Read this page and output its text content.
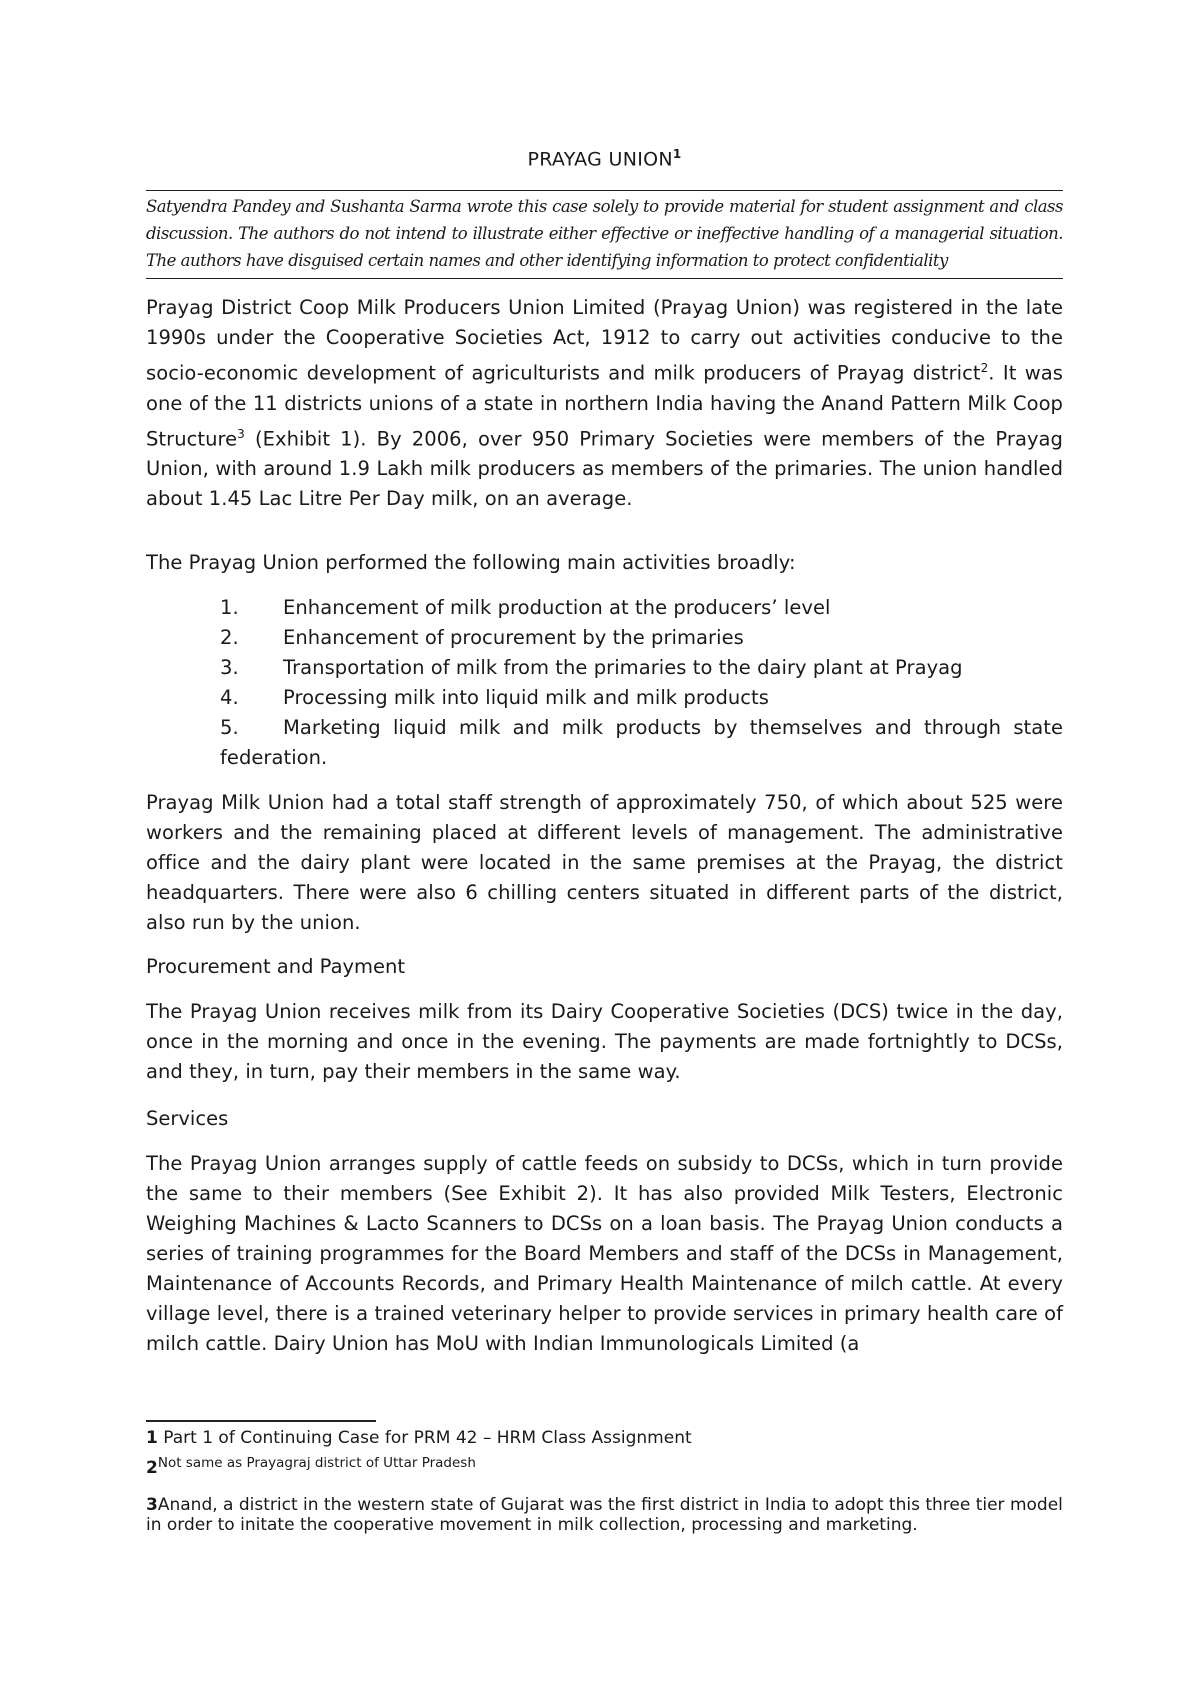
PRAYAG UNION$^1$
Satyendra Pandey and Sushanta Sarma wrote this case solely to provide material for student assignment and class discussion. The authors do not intend to illustrate either effective or ineffective handling of a managerial situation. The authors have disguised certain names and other identifying information to protect confidentiality

Prayag District Coop Milk Producers Union Limited (Prayag Union) was registered in the late 1990s under the Cooperative Societies Act, 1912 to carry out activities conducive to the socio-economic development of agriculturists and milk producers of Prayag district$^2$. It was one of the 11 districts unions of a state in northern India having the Anand Pattern Milk Coop Structure$^3$ (Exhibit 1). By 2006, over 950 Primary Societies were members of the Prayag Union, with around 1.9 Lakh milk producers as members of the primaries. The union handled about 1.45 Lac Litre Per Day milk, on an average.

The Prayag Union performed the following main activities broadly:

1. Enhancement of milk production at the producers’ level
2. Enhancement of procurement by the primaries
3. Transportation of milk from the primaries to the dairy plant at Prayag
4. Processing milk into liquid milk and milk products
5. Marketing liquid milk and milk products by themselves and through state federation.

Prayag Milk Union had a total staff strength of approximately 750, of which about 525 were workers and the remaining placed at different levels of management. The administrative office and the dairy plant were located in the same premises at the Prayag, the district headquarters. There were also 6 chilling centers situated in different parts of the district, also run by the union.

Procurement and Payment

The Prayag Union receives milk from its Dairy Cooperative Societies (DCS) twice in the day, once in the morning and once in the evening. The payments are made fortnightly to DCSs, and they, in turn, pay their members in the same way.

Services

The Prayag Union arranges supply of cattle feeds on subsidy to DCSs, which in turn provide the same to their members (See Exhibit 2). It has also provided Milk Testers, Electronic Weighing Machines & Lacto Scanners to DCSs on a loan basis. The Prayag Union conducts a series of training programmes for the Board Members and staff of the DCSs in Management, Maintenance of Accounts Records, and Primary Health Maintenance of milch cattle. At every village level, there is a trained veterinary helper to provide services in primary health care of milch cattle. Dairy Union has MoU with Indian Immunologicals Limited (a

1 Part 1 of Continuing Case for PRM 42 – HRM Class Assignment
$2^{Not same as Prayagraj district of Uttar Pradesh}$
3Anand, a district in the western state of Gujarat was the first district in India to adopt this three tier model in order to initate the cooperative movement in milk collection, processing and marketing.
